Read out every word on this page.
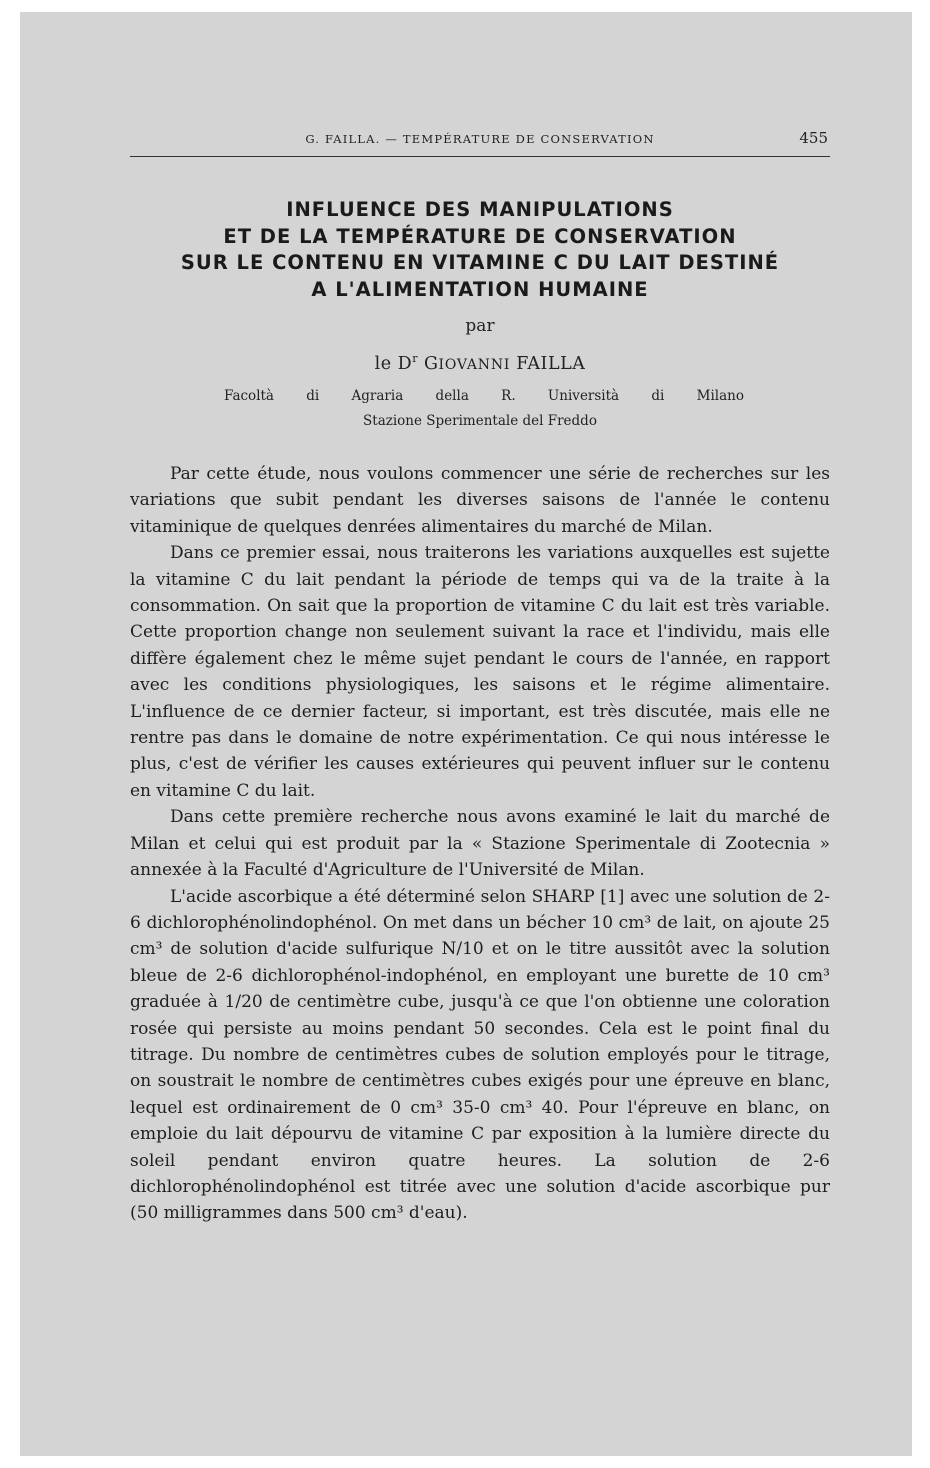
G. FAILLA. — TEMPÉRATURE DE CONSERVATION	455
INFLUENCE DES MANIPULATIONS
ET DE LA TEMPÉRATURE DE CONSERVATION
SUR LE CONTENU EN VITAMINE C DU LAIT DESTINÉ
A L'ALIMENTATION HUMAINE
par
le $D^r$ GIOVANNI FAILLA
Facoltà di Agraria della R. Università di Milano
Stazione Sperimentale del Freddo

Par cette étude, nous voulons commencer une série de recherches sur les variations que subit pendant les diverses saisons de l'année le contenu vitaminique de quelques denrées alimentaires du marché de Milan.

Dans ce premier essai, nous traiterons les variations auxquelles est sujette la vitamine C du lait pendant la période de temps qui va de la traite à la consommation. On sait que la proportion de vitamine C du lait est très variable. Cette proportion change non seulement suivant la race et l'individu, mais elle diffère également chez le même sujet pendant le cours de l'année, en rapport avec les conditions physiologiques, les saisons et le régime alimentaire. L'influence de ce dernier facteur, si important, est très discutée, mais elle ne rentre pas dans le domaine de notre expérimentation. Ce qui nous intéresse le plus, c'est de vérifier les causes extérieures qui peuvent influer sur le contenu en vitamine C du lait.

Dans cette première recherche nous avons examiné le lait du marché de Milan et celui qui est produit par la « Stazione Sperimentale di Zootecnia » annexée à la Faculté d'Agriculture de l'Université de Milan.

L'acide ascorbique a été déterminé selon SHARP [1] avec une solution de 2-6 dichlorophénolindophénol. On met dans un bécher 10 cm³ de lait, on ajoute 25 cm³ de solution d'acide sulfurique N/10 et on le titre aussitôt avec la solution bleue de 2-6 dichlorophénol-indophénol, en employant une burette de 10 cm³ graduée à 1/20 de centimètre cube, jusqu'à ce que l'on obtienne une coloration rosée qui persiste au moins pendant 50 secondes. Cela est le point final du titrage. Du nombre de centimètres cubes de solution employés pour le titrage, on soustrait le nombre de centimètres cubes exigés pour une épreuve en blanc, lequel est ordinairement de 0 cm³ 35-0 cm³ 40. Pour l'épreuve en blanc, on emploie du lait dépourvu de vitamine C par exposition à la lumière directe du soleil pendant environ quatre heures. La solution de 2-6 dichlorophénolindophénol est titrée avec une solution d'acide ascorbique pur (50 milligrammes dans 500 cm³ d'eau).
